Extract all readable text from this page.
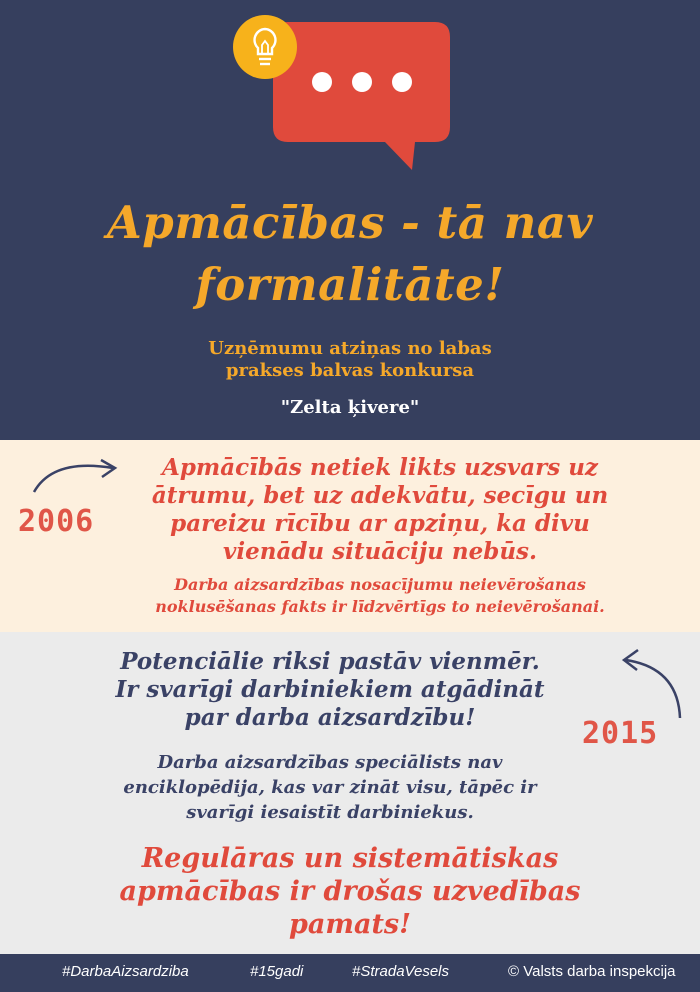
Apmācības - tā nav
formalitāte!
Uzņēmumu atziņas no labas
prakses balvas konkursa
"Zelta ķivere"
2006
Apmācībās netiek likts uzsvars uz
ātrumu, bet uz adekvātu, secīgu un
pareizu rīcību ar apziņu, ka divu
vienādu situāciju nebūs.
Darba aizsardzības nosacījumu neievērošanas
noklusēšanas fakts ir līdzvērtīgs to neievērošanai.
2015
Potenciālie riksi pastāv vienmēr.
Ir svarīgi darbiniekiem atgādināt
par darba aizsardzību!
Darba aizsardzības speciālists nav
enciklopēdija, kas var zināt visu, tāpēc ir
svarīgi iesaistīt darbiniekus.
Regulāras un sistemātiskas
apmācības ir drošas uzvedības
pamats!
#DarbaAizsardziba	#15gadi	#StradaVesels	© Valsts darba inspekcija
